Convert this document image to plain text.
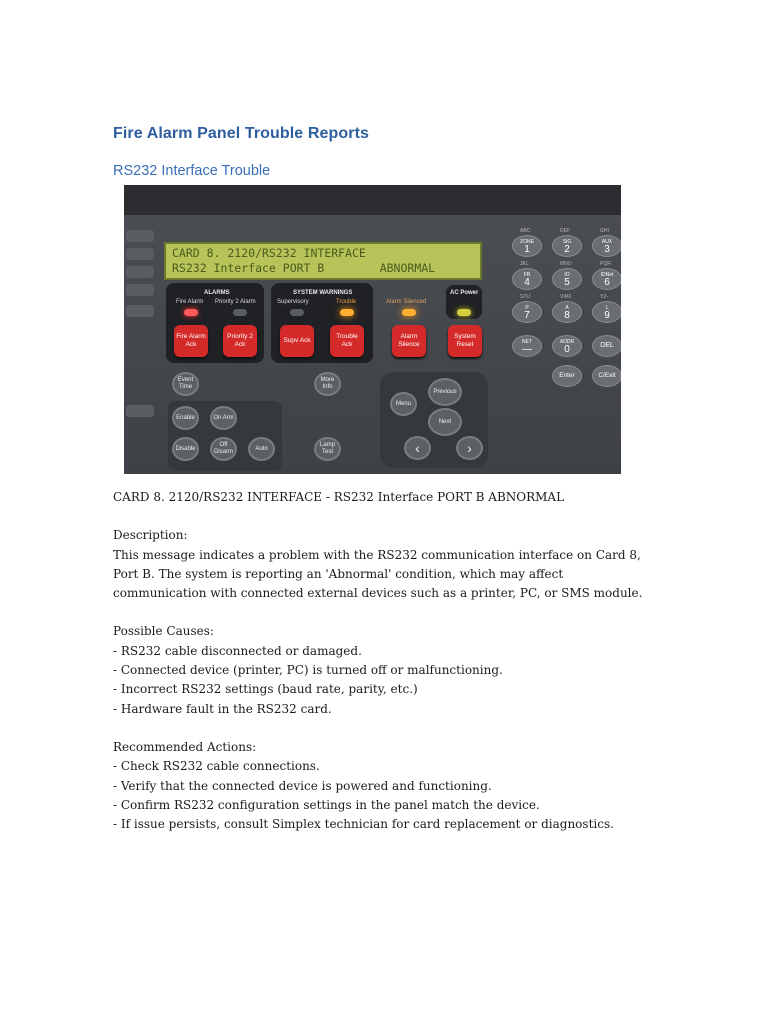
Fire Alarm Panel Trouble Reports
RS232 Interface Trouble
CARD 8. 2120/RS232 INTERFACE
RS232 Interface PORT B        ABNORMAL
ALARMS
Fire Alarm Priority 2 Alarm
Fire Alarm Ack
Priority 2 Ack
SYSTEM WARNINGS
Supervisory	Trouble
Supv Ack
Trouble Ack
Alarm Silenced
AC Power
Alarm Silence
System Reset
Event Time
More Info
Enable	On Arm
Disable
Off Disarm
Auto
Lamp Test
Menu
Previous
Next
‹	›
ABC
ZONE
1
DEF
SIG
2
GHI
AUX
3
JKL
FB
4
MNO
IO
5
PQR
IDNet
6
STU
P
7
VWX
A
8
YZ-
L
9
NET
—
ADDR
0	DEL
Enter	C/Exit

CARD 8. 2120/RS232 INTERFACE - RS232 Interface PORT B ABNORMAL

Description:

This message indicates a problem with the RS232 communication interface on Card 8, Port B. The system is reporting an 'Abnormal' condition, which may affect communication with connected external devices such as a printer, PC, or SMS module.

Possible Causes:

- RS232 cable disconnected or damaged.

- Connected device (printer, PC) is turned off or malfunctioning.

- Incorrect RS232 settings (baud rate, parity, etc.)

- Hardware fault in the RS232 card.

Recommended Actions:

- Check RS232 cable connections.

- Verify that the connected device is powered and functioning.

- Confirm RS232 configuration settings in the panel match the device.

- If issue persists, consult Simplex technician for card replacement or diagnostics.
